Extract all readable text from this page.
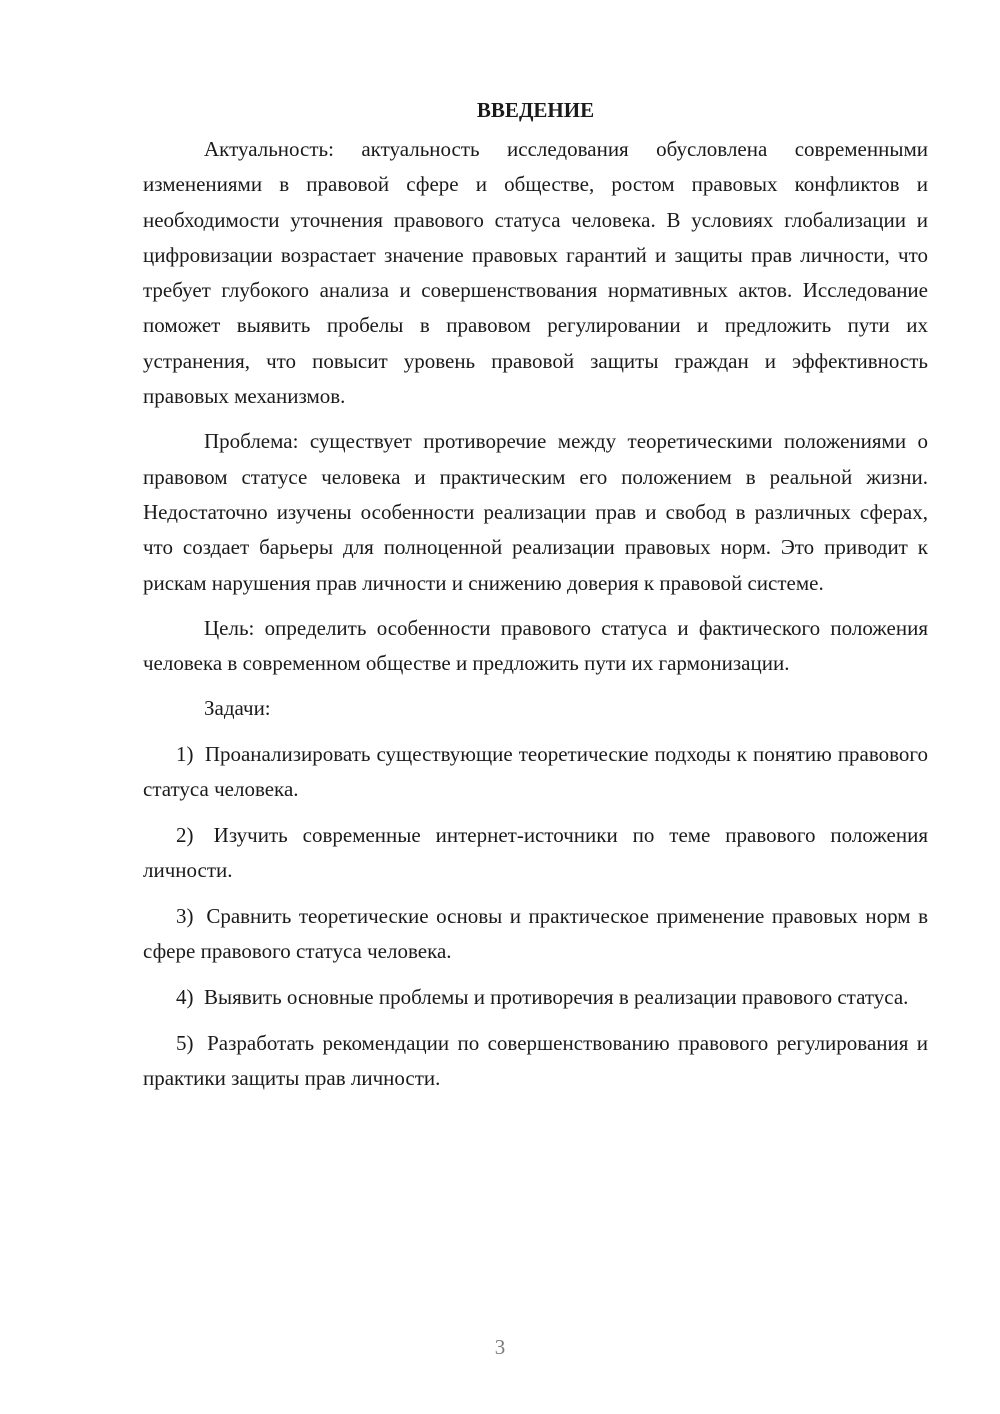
ВВЕДЕНИЕ

Актуальность: актуальность исследования обусловлена современными изменениями в правовой сфере и обществе, ростом правовых конфликтов и необходимости уточнения правового статуса человека. В условиях глобализации и цифровизации возрастает значение правовых гарантий и защиты прав личности, что требует глубокого анализа и совершенствования нормативных актов. Исследование поможет выявить пробелы в правовом регулировании и предложить пути их устранения, что повысит уровень правовой защиты граждан и эффективность правовых механизмов.

Проблема: существует противоречие между теоретическими положениями о правовом статусе человека и практическим его положением в реальной жизни. Недостаточно изучены особенности реализации прав и свобод в различных сферах, что создает барьеры для полноценной реализации правовых норм. Это приводит к рискам нарушения прав личности и снижению доверия к правовой системе.

Цель: определить особенности правового статуса и фактического положения человека в современном обществе и предложить пути их гармонизации.

Задачи:

1) Проанализировать существующие теоретические подходы к понятию правового статуса человека.
2) Изучить современные интернет-источники по теме правового положения личности.
3) Сравнить теоретические основы и практическое применение правовых норм в сфере правового статуса человека.
4) Выявить основные проблемы и противоречия в реализации правового статуса.
5) Разработать рекомендации по совершенствованию правового регулирования и практики защиты прав личности.
3
